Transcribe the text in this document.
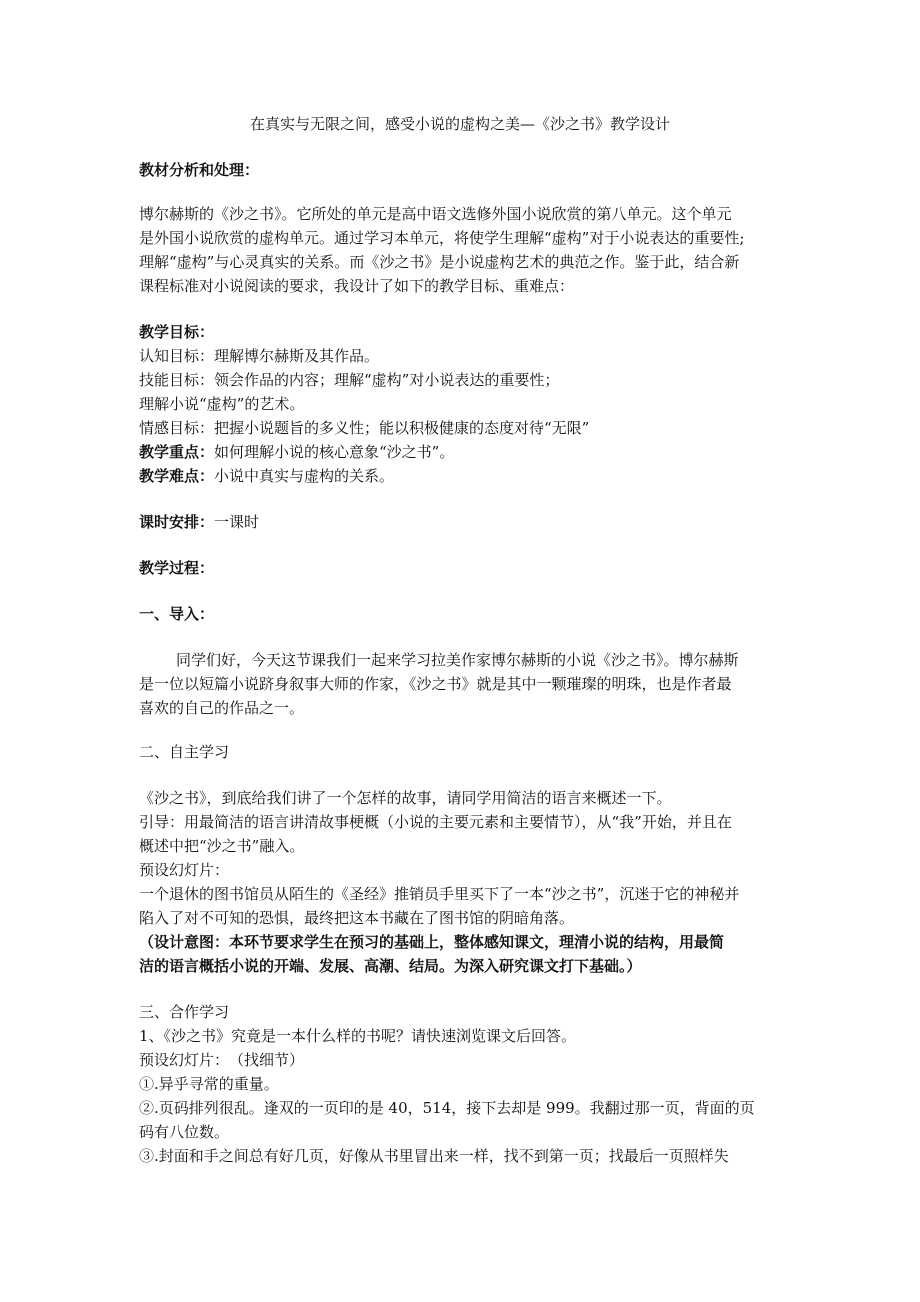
在真实与无限之间，感受小说的虚构之美—《沙之书》教学设计
教材分析和处理：
博尔赫斯的《沙之书》。它所处的单元是高中语文选修外国小说欣赏的第八单元。这个单元
是外国小说欣赏的虚构单元。通过学习本单元，将使学生理解“虚构”对于小说表达的重要性;
理解“虚构”与心灵真实的关系。而《沙之书》是小说虚构艺术的典范之作。鉴于此，结合新
课程标准对小说阅读的要求，我设计了如下的教学目标、重难点：
教学目标：
认知目标：理解博尔赫斯及其作品。
技能目标：领会作品的内容；理解“虚构”对小说表达的重要性；
理解小说“虚构”的艺术。
情感目标：把握小说题旨的多义性；能以积极健康的态度对待“无限”
教学重点：如何理解小说的核心意象“沙之书”。
教学难点：小说中真实与虚构的关系。
课时安排：一课时
教学过程：
一、导入：
同学们好，今天这节课我们一起来学习拉美作家博尔赫斯的小说《沙之书》。博尔赫斯
是一位以短篇小说跻身叙事大师的作家，《沙之书》就是其中一颗璀璨的明珠，也是作者最
喜欢的自己的作品之一。
二、自主学习
《沙之书》，到底给我们讲了一个怎样的故事，请同学用简洁的语言来概述一下。
引导：用最简洁的语言讲清故事梗概（小说的主要元素和主要情节），从“我”开始，并且在
概述中把“沙之书”融入。
预设幻灯片：
一个退休的图书馆员从陌生的《圣经》推销员手里买下了一本“沙之书”，沉迷于它的神秘并
陷入了对不可知的恐惧，最终把这本书藏在了图书馆的阴暗角落。
（设计意图：本环节要求学生在预习的基础上，整体感知课文，理清小说的结构，用最简
洁的语言概括小说的开端、发展、高潮、结局。为深入研究课文打下基础。）
三、合作学习
1、《沙之书》究竟是一本什么样的书呢？请快速浏览课文后回答。
预设幻灯片：　（找细节）
①.异乎寻常的重量。
②.页码排列很乱。逢双的一页印的是 40，514，接下去却是 999。我翻过那一页，背面的页
码有八位数。
③.封面和手之间总有好几页，好像从书里冒出来一样，找不到第一页；找最后一页照样失
